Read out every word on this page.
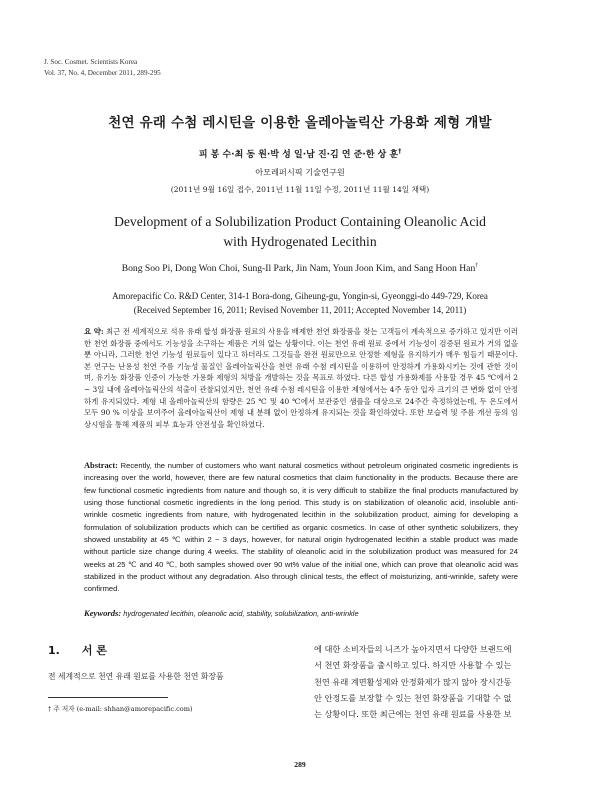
J. Soc. Cosmet. Scientists Korea
Vol. 37, No. 4, December 2011, 289-295
천연 유래 수첨 레시틴을 이용한 올레아놀릭산 가용화 제형 개발
피 봉 수·최 동 원·박 성 일·남 진·김 연 준·한 상 훈†
아모레퍼시픽 기술연구원
(2011년 9월 16일 접수, 2011년 11월 11일 수정, 2011년 11월 14일 채택)
Development of a Solubilization Product Containing Oleanolic Acid
with Hydrogenated Lecithin
Bong Soo Pi, Dong Won Choi, Sung-Il Park, Jin Nam, Youn Joon Kim, and Sang Hoon Han†
Amorepacific Co. R&D Center, 314-1 Bora-dong, Giheung-gu, Yongin-si, Gyeonggi-do 449-729, Korea
(Received September 16, 2011; Revised November 11, 2011; Accepted November 14, 2011)
요 약: 최근 전 세계적으로 석유 유래 합성 화장품 원료의 사용을 배제한 천연 화장품을 찾는 고객들이 계속적으로 증가하고 있지만 이러한 천연 화장품 중에서도 기능성을 소구하는 제품은 거의 없는 상황이다. 이는 천연 유래 원료 중에서 기능성이 검증된 원료가 거의 없을 뿐 아니라, 그러한 천연 기능성 원료들이 있다고 하더라도 그것들을 완전 원료만으로 안정한 제형을 유지하기가 매우 힘들기 때문이다. 본 연구는 난용성 천연 주름 기능성 물질인 올레아놀릭산을 천연 유래 수첨 레시틴을 이용하여 안정하게 가용화시키는 것에 관한 것이며, 유기농 화장품 인증이 가능한 가용화 제형의 처방을 개발하는 것을 목표로 하였다. 다른 합성 가용화제를 사용할 경우 45 ℃에서 2 ~ 3일 내에 올레아놀릭산의 석출이 관찰되었지만, 천연 유래 수첨 레시틴을 이용한 제형에서는 4주 동안 입자 크기의 큰 변화 없이 안정하게 유지되었다. 제형 내 올레아놀릭산의 함량은 25 ℃ 및 40 ℃에서 보관중인 샘플을 대상으로 24주간 측정하였는데, 두 온도에서 모두 90 % 이상을 보여주어 올레아놀릭산이 제형 내 분해 없이 안정하게 유지되는 것을 확인하였다. 또한 보습력 및 주름 개선 등의 임상시험을 통해 제품의 피부 효능과 안전성을 확인하였다.
Abstract: Recently, the number of customers who want natural cosmetics without petroleum originated cosmetic ingredients is increasing over the world, however, there are few natural cosmetics that claim functionality in the products. Because there are few functional cosmetic ingredients from nature and though so, it is very difficult to stabilize the final products manufactured by using those functional cosmetic ingredients in the long period. This study is on stabilization of oleanolic acid, insoluble anti-wrinkle cosmetic ingredients from nature, with hydrogenated lecithin in the solubilization product, aiming for developing a formulation of solubilization products which can be certified as organic cosmetics. In case of other synthetic solubilizers, they showed unstability at 45 ℃ within 2 ~ 3 days, however, for natural origin hydrogenated lecithin a stable product was made without particle size change during 4 weeks. The stability of oleanolic acid in the solubilization product was measured for 24 weeks at 25 ℃ and 40 ℃, both samples showed over 90 wt% value of the initial one, which can prove that oleanolic acid was stabilized in the product without any degradation. Also through clinical tests, the effect of moisturizing, anti-wrinkle, safety were confirmed.
Keywords: hydrogenated lecithin, oleanolic acid, stability, solubilization, anti-wrinkle
1. 서 론
전 세계적으로 천연 유래 원료를 사용한 천연 화장품
† 주 저자 (e-mail: shhan@amorepacific.com)
에 대한 소비자들의 니즈가 높아지면서 다양한 브랜드에
서 천연 화장품을 출시하고 있다. 하지만 사용할 수 있는
천연 유래 계면활성제와 안정화제가 많지 않아 장시간동
안 안정도를 보장할 수 있는 천연 화장품을 기대할 수 없
는 상황이다. 또한 최근에는 천연 유래 원료를 사용한 보
289
